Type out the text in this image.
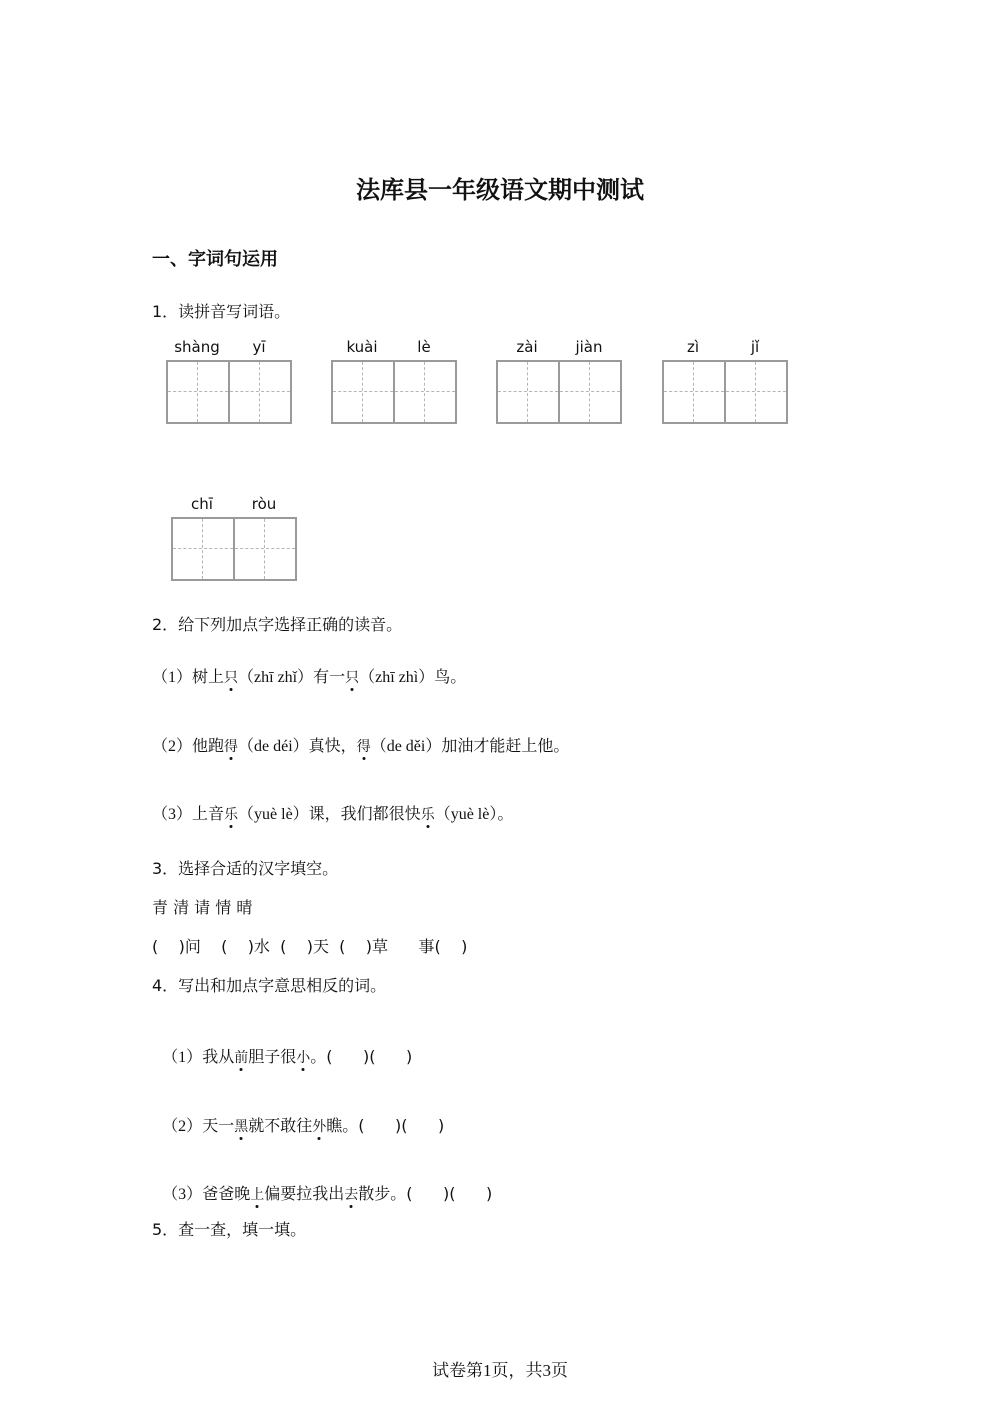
法库县一年级语文期中测试
一、字词句运用
1．读拼音写词语。
shàng	yī	kuài	lè	zài	jiàn	zì	jǐ
chī	ròu
2．给下列加点字选择正确的读音。
（1）树上只（zhī zhǐ）有一只（zhī zhì）鸟。
（2）他跑得（de déi）真快，得（de děi）加油才能赶上他。
（3）上音乐（yuè lè）课，我们都很快乐（yuè lè）。
3．选择合适的汉字填空。
青 清 请 情 晴
(    )问    (    )水  (    )天  (    )草      事(    )
4．写出和加点字意思相反的词。

（1）我从前胆子很小。(      )(      )

（2）天一黑就不敢往外瞧。(      )(      )

（3）爸爸晚上偏要拉我出去散步。(      )(      )

5．查一查，填一填。
试卷第1页，共3页
